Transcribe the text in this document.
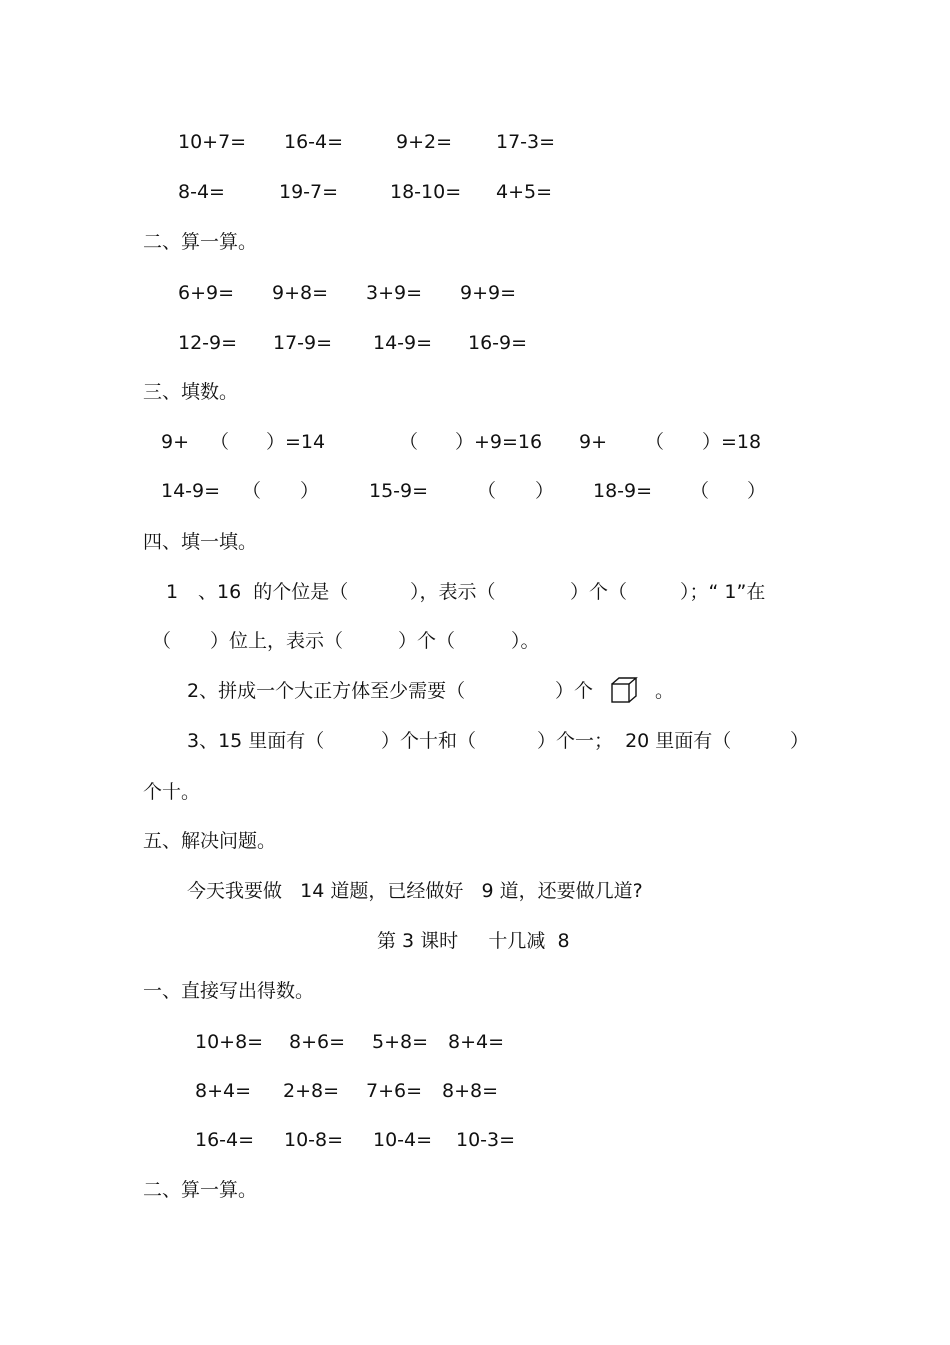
10+7= 16-4=	9+2= 17-3=
8-4=	19-7=	18-10= 4+5=
二、算一算。
6+9= 9+8= 3+9= 9+9=
12-9= 17-9= 14-9= 16-9=
三、填数。
9+ （ ）=14	（ ）+9=16 9+ （ ）=18
14-9= （ ）	15-9=	（ ） 18-9= （ ）
四、填一填。
1 、16  的个位是（	），表示（	）个（	）；“ 1”在
（ ）位上，表示（	）个（	）。
2、拼成一个大正方体至少需要（	）个	。
3、15 里面有（	）个十和（	）个一；  20 里面有（	）
个十。
五、解决问题。
今天我要做   14 道题，已经做好   9 道，还要做几道?
第 3 课时     十几减  8
一、直接写出得数。
10+8= 8+6= 5+8= 8+4=
8+4= 2+8= 7+6= 8+8=
16-4= 10-8= 10-4= 10-3=
二、算一算。
